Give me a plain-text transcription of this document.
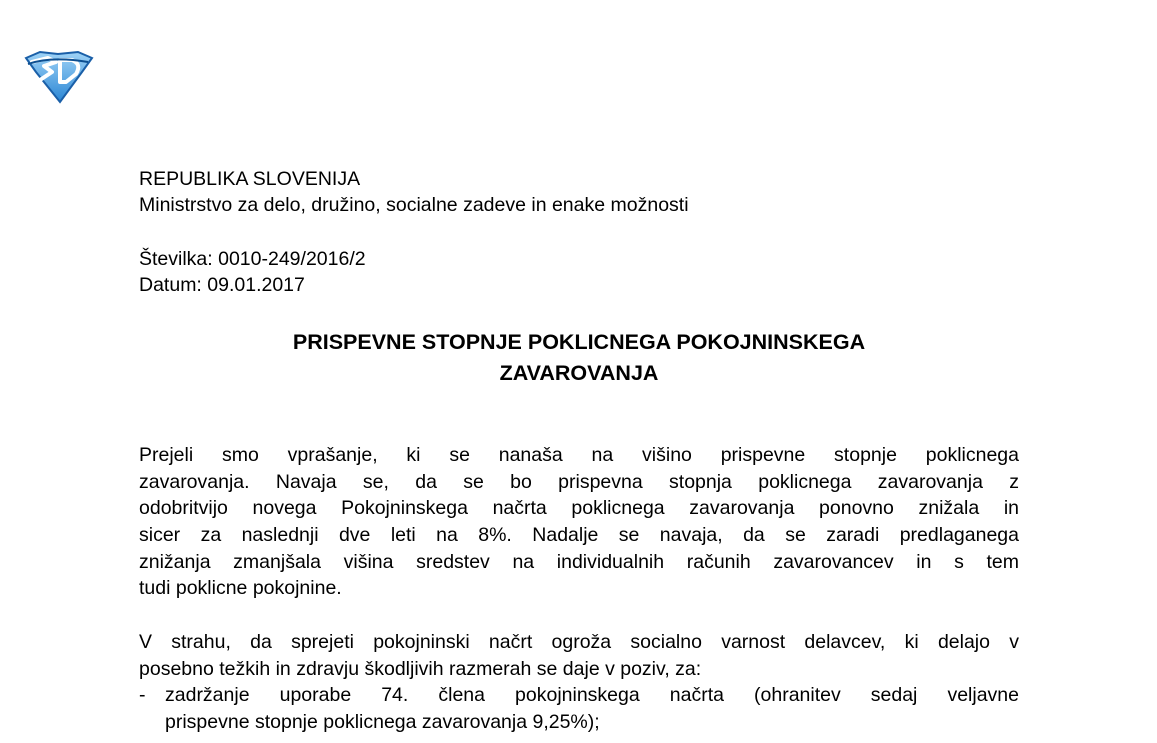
REPUBLIKA SLOVENIJA
Ministrstvo za delo, družino, socialne zadeve in enake možnosti
Številka: 0010-249/2016/2
Datum: 09.01.2017
PRISPEVNE STOPNJE POKLICNEGA POKOJNINSKEGA
ZAVAROVANJA
Prejeli smo vprašanje, ki se nanaša na višino prispevne stopnje poklicnega
zavarovanja. Navaja se, da se bo prispevna stopnja poklicnega zavarovanja z
odobritvijo novega Pokojninskega načrta poklicnega zavarovanja ponovno znižala in
sicer za naslednji dve leti na 8%. Nadalje se navaja, da se zaradi predlaganega
znižanja zmanjšala višina sredstev na individualnih računih zavarovancev in s tem
tudi poklicne pokojnine.
V strahu, da sprejeti pokojninski načrt ogroža socialno varnost delavcev, ki delajo v
posebno težkih in zdravju škodljivih razmerah se daje v poziv, za:
- zadržanje uporabe 74. člena pokojninskega načrta (ohranitev sedaj veljavne
prispevne stopnje poklicnega zavarovanja 9,25%);
